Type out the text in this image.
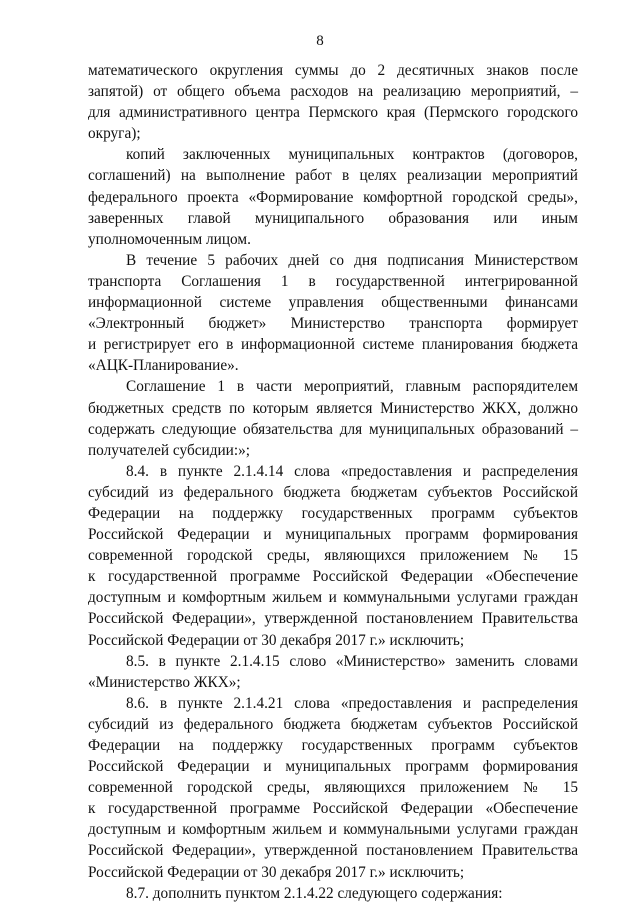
8
математического округления суммы до 2 десятичных знаков после
запятой) от общего объема расходов на реализацию мероприятий, –
для административного центра Пермского края (Пермского городского
округа);
копий заключенных муниципальных контрактов (договоров,
соглашений) на выполнение работ в целях реализации мероприятий
федерального проекта «Формирование комфортной городской среды»,
заверенных главой муниципального образования или иным
уполномоченным лицом.
В течение 5 рабочих дней со дня подписания Министерством
транспорта Соглашения 1 в государственной интегрированной
информационной системе управления общественными финансами
«Электронный бюджет» Министерство транспорта формирует
и регистрирует его в информационной системе планирования бюджета
«АЦК-Планирование».
Соглашение 1 в части мероприятий, главным распорядителем
бюджетных средств по которым является Министерство ЖКХ, должно
содержать следующие обязательства для муниципальных образований –
получателей субсидии:»;
8.4. в пункте 2.1.4.14 слова «предоставления и распределения
субсидий из федерального бюджета бюджетам субъектов Российской
Федерации на поддержку государственных программ субъектов
Российской Федерации и муниципальных программ формирования
современной городской среды, являющихся приложением № 15
к государственной программе Российской Федерации «Обеспечение
доступным и комфортным жильем и коммунальными услугами граждан
Российской Федерации», утвержденной постановлением Правительства
Российской Федерации от 30 декабря 2017 г.» исключить;
8.5. в пункте 2.1.4.15 слово «Министерство» заменить словами
«Министерство ЖКХ»;
8.6. в пункте 2.1.4.21 слова «предоставления и распределения
субсидий из федерального бюджета бюджетам субъектов Российской
Федерации на поддержку государственных программ субъектов
Российской Федерации и муниципальных программ формирования
современной городской среды, являющихся приложением № 15
к государственной программе Российской Федерации «Обеспечение
доступным и комфортным жильем и коммунальными услугами граждан
Российской Федерации», утвержденной постановлением Правительства
Российской Федерации от 30 декабря 2017 г.» исключить;
8.7. дополнить пунктом 2.1.4.22 следующего содержания:
